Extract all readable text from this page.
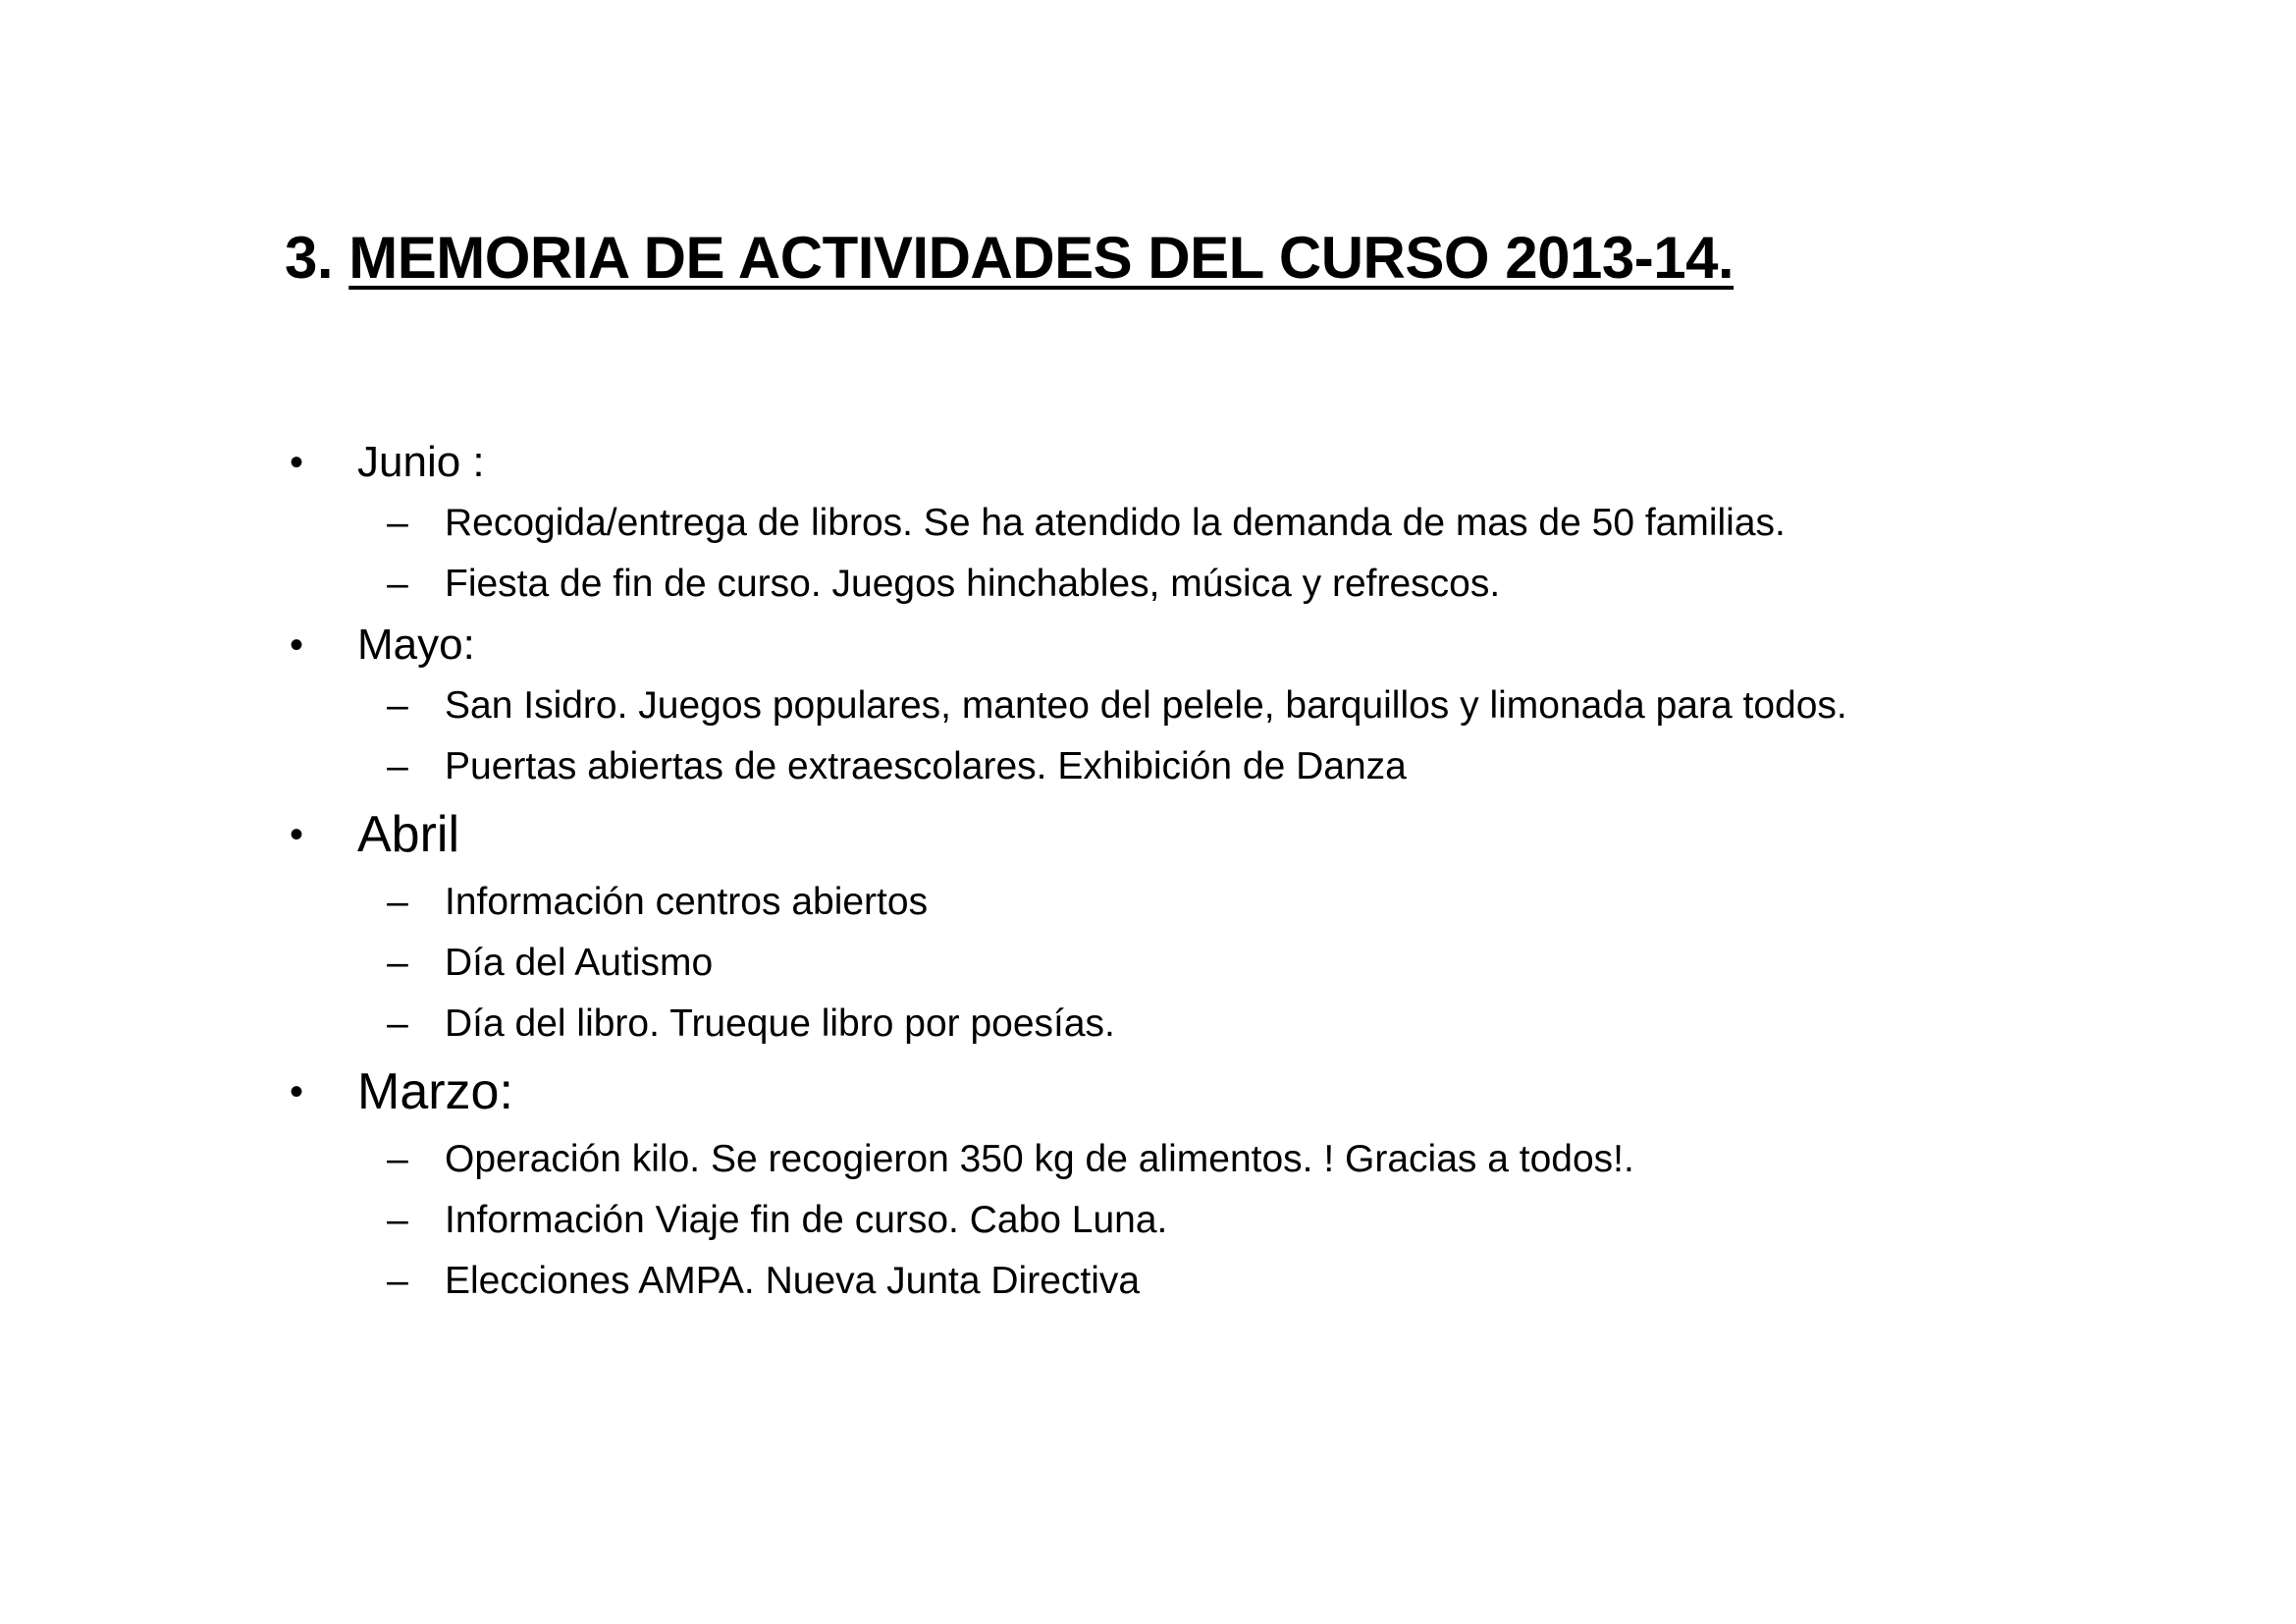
3. MEMORIA DE ACTIVIDADES DEL CURSO 2013-14.
• Junio :
– Recogida/entrega de libros. Se ha atendido la demanda de mas de 50 familias.
– Fiesta de fin de curso. Juegos hinchables, música y refrescos.
• Mayo:
– San Isidro. Juegos populares, manteo del pelele, barquillos y limonada para todos.
– Puertas abiertas de extraescolares. Exhibición de Danza
• Abril
– Información centros abiertos
– Día del Autismo
– Día del libro. Trueque libro por poesías.
• Marzo:
– Operación kilo. Se recogieron 350 kg de alimentos. ! Gracias a todos!.
– Información Viaje fin de curso. Cabo Luna.
– Elecciones AMPA. Nueva Junta Directiva
